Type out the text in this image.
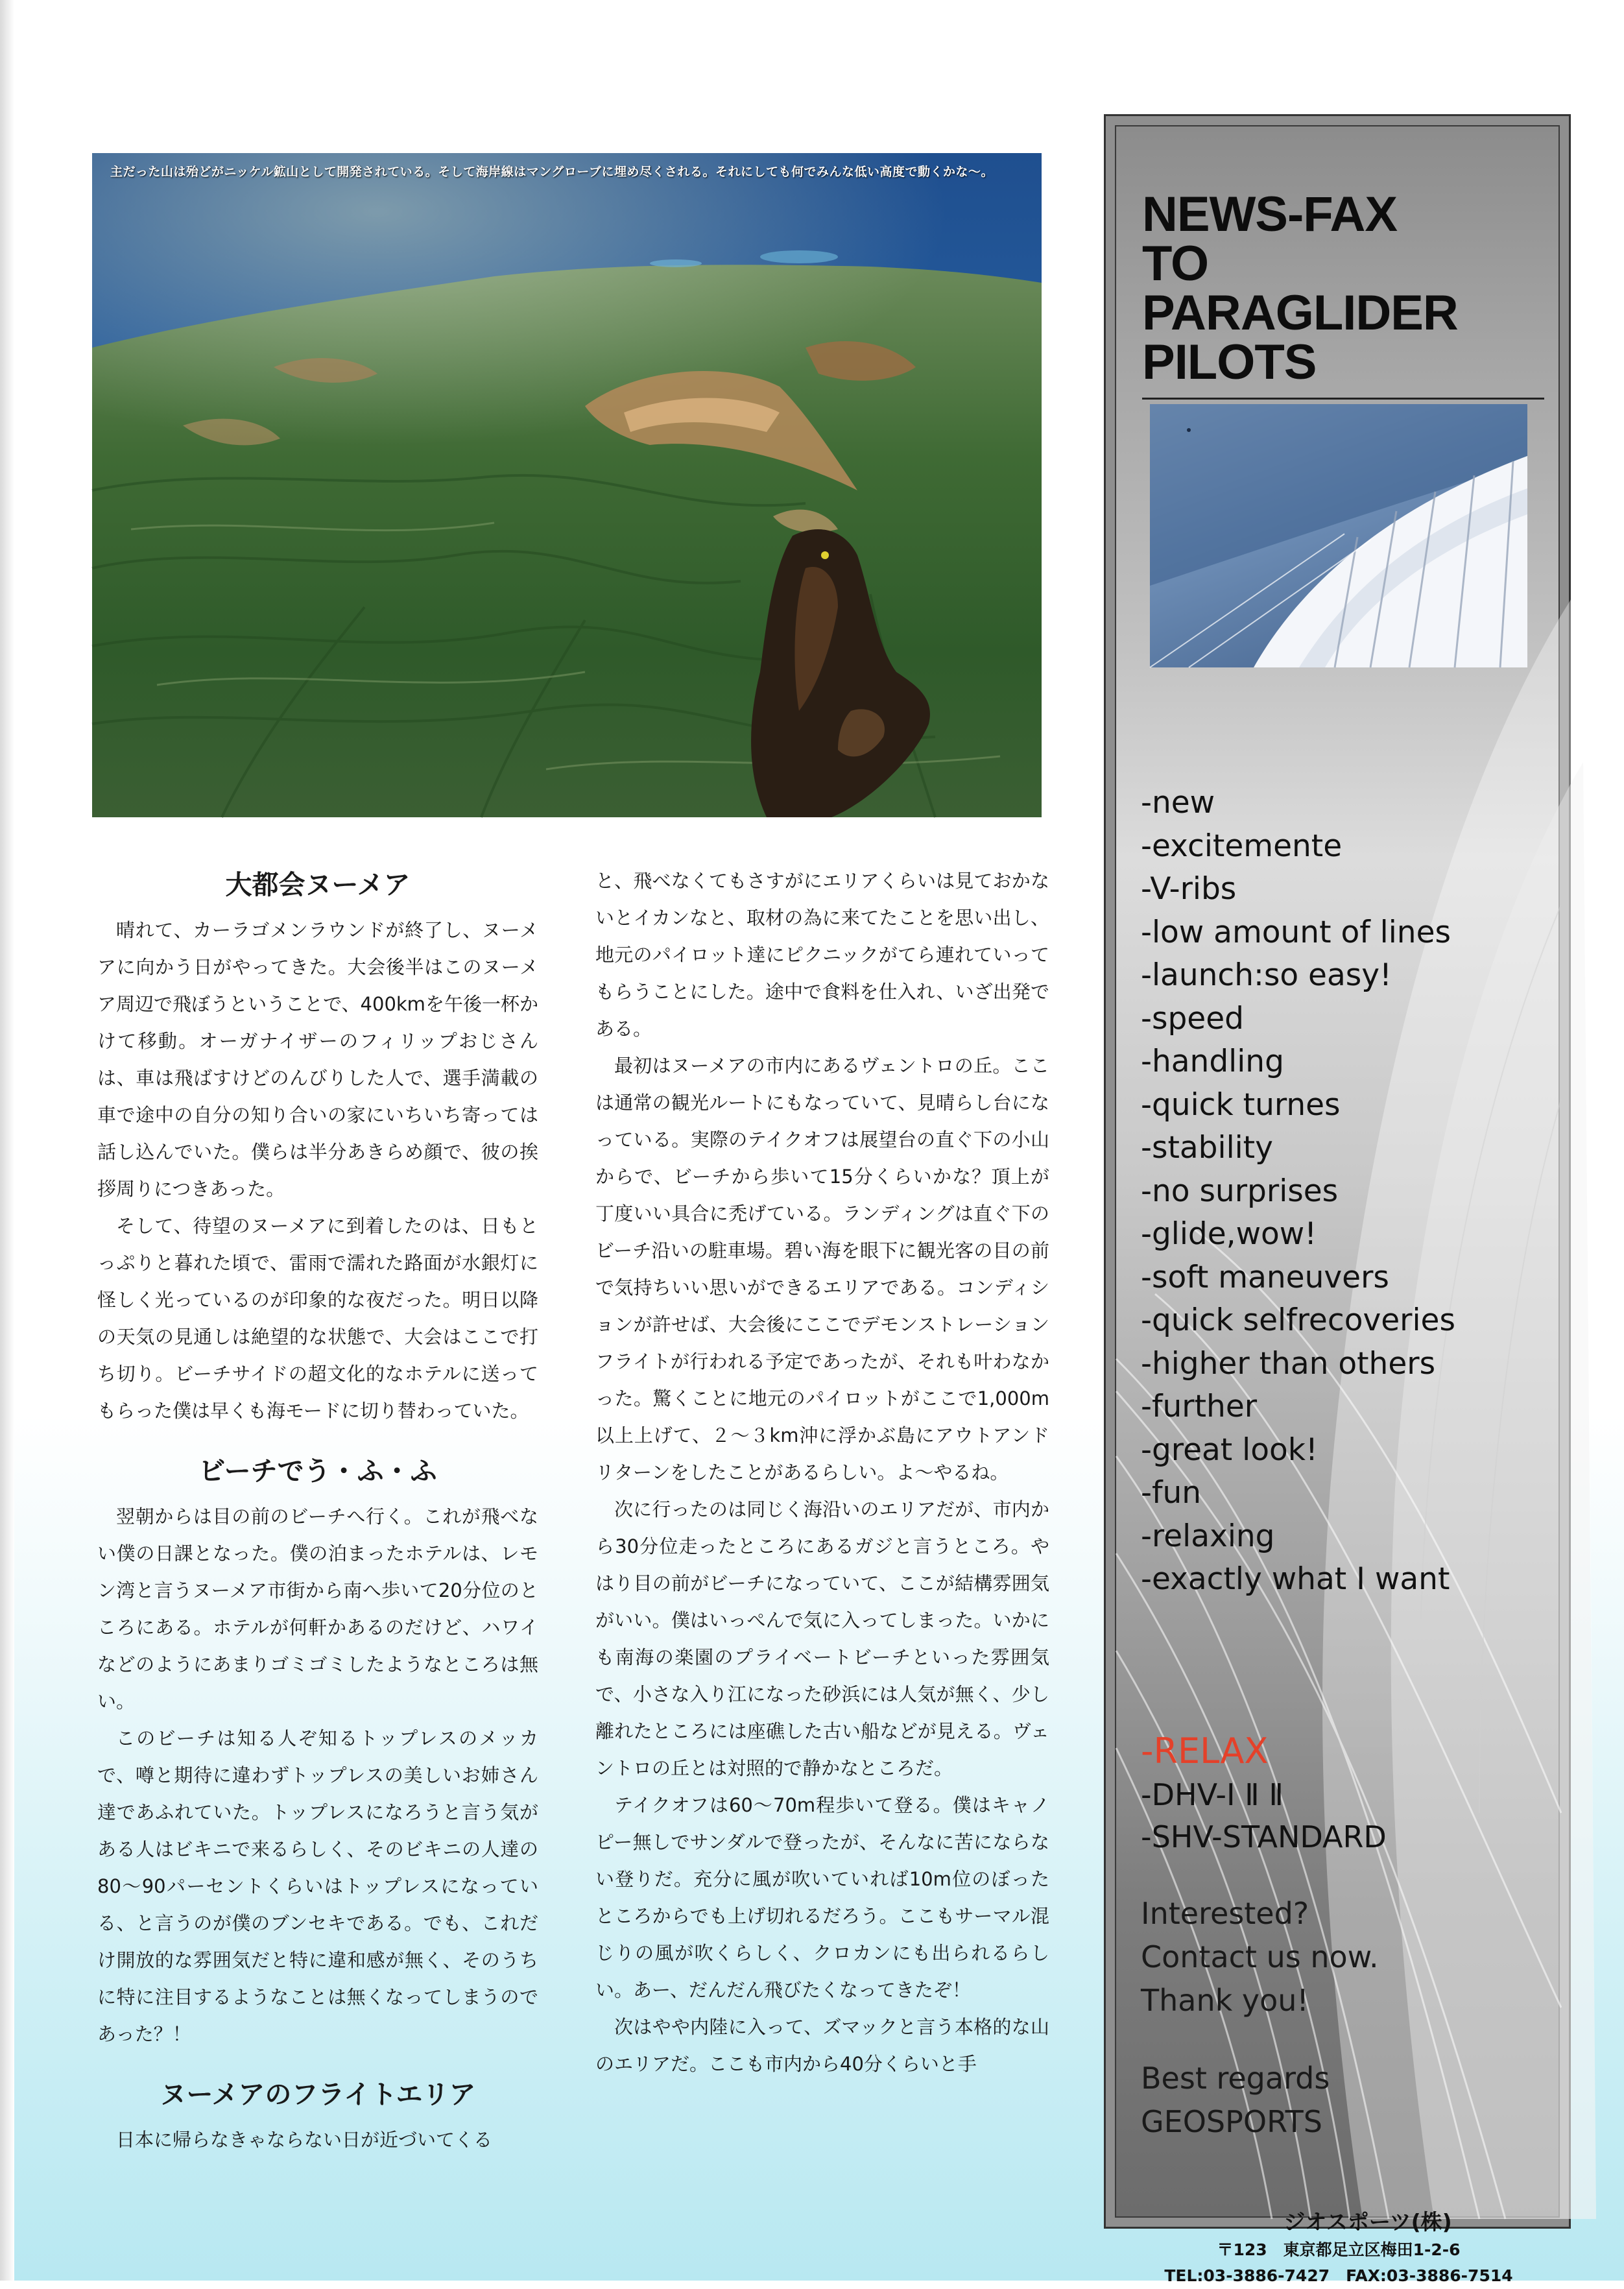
主だった山は殆どがニッケル鉱山として開発されている。そして海岸線はマングローブに埋め尽くされる。それにしても何でみんな低い高度で動くかな〜。
大都会ヌーメア

晴れて、カーラゴメンラウンドが終了し、ヌーメアに向かう日がやってきた。大会後半はこのヌーメア周辺で飛ぼうということで、400kmを午後一杯かけて移動。オーガナイザーのフィリップおじさんは、車は飛ばすけどのんびりした人で、選手満載の車で途中の自分の知り合いの家にいちいち寄っては話し込んでいた。僕らは半分あきらめ顔で、彼の挨拶周りにつきあった。

そして、待望のヌーメアに到着したのは、日もとっぷりと暮れた頃で、雷雨で濡れた路面が水銀灯に怪しく光っているのが印象的な夜だった。明日以降の天気の見通しは絶望的な状態で、大会はここで打ち切り。ビーチサイドの超文化的なホテルに送ってもらった僕は早くも海モードに切り替わっていた。

ビーチでう・ふ・ふ

翌朝からは目の前のビーチへ行く。これが飛べない僕の日課となった。僕の泊まったホテルは、レモン湾と言うヌーメア市街から南へ歩いて20分位のところにある。ホテルが何軒かあるのだけど、ハワイなどのようにあまりゴミゴミしたようなところは無い。

このビーチは知る人ぞ知るトップレスのメッカで、噂と期待に違わずトップレスの美しいお姉さん達であふれていた。トップレスになろうと言う気がある人はビキニで来るらしく、そのビキニの人達の80〜90パーセントくらいはトップレスになっている、と言うのが僕のブンセキである。でも、これだけ開放的な雰囲気だと特に違和感が無く、そのうちに特に注目するようなことは無くなってしまうのであった？！

ヌーメアのフライトエリア

日本に帰らなきゃならない日が近づいてくる

と、飛べなくてもさすがにエリアくらいは見ておかないとイカンなと、取材の為に来てたことを思い出し、地元のパイロット達にピクニックがてら連れていってもらうことにした。途中で食料を仕入れ、いざ出発である。

最初はヌーメアの市内にあるヴェントロの丘。ここは通常の観光ルートにもなっていて、見晴らし台になっている。実際のテイクオフは展望台の直ぐ下の小山からで、ビーチから歩いて15分くらいかな？頂上が丁度いい具合に禿げている。ランディングは直ぐ下のビーチ沿いの駐車場。碧い海を眼下に観光客の目の前で気持ちいい思いができるエリアである。コンディションが許せば、大会後にここでデモンストレーションフライトが行われる予定であったが、それも叶わなかった。驚くことに地元のパイロットがここで1,000m以上上げて、２〜３km沖に浮かぶ島にアウトアンドリターンをしたことがあるらしい。よ〜やるね。

次に行ったのは同じく海沿いのエリアだが、市内から30分位走ったところにあるガジと言うところ。やはり目の前がビーチになっていて、ここが結構雰囲気がいい。僕はいっぺんで気に入ってしまった。いかにも南海の楽園のプライベートビーチといった雰囲気で、小さな入り江になった砂浜には人気が無く、少し離れたところには座礁した古い船などが見える。ヴェントロの丘とは対照的で静かなところだ。

テイクオフは60〜70m程歩いて登る。僕はキャノピー無しでサンダルで登ったが、そんなに苦にならない登りだ。充分に風が吹いていれば10m位のぼったところからでも上げ切れるだろう。ここもサーマル混じりの風が吹くらしく、クロカンにも出られるらしい。あー、だんだん飛びたくなってきたぞ！

次はやや内陸に入って、ズマックと言う本格的な山のエリアだ。ここも市内から40分くらいと手

NEWS-FAX
TO
PARAGLIDER
PILOTS
-new
-excitemente
-V-ribs
-low amount of lines
-launch:so easy!
-speed
-handling
-quick turnes
-stability
-no surprises
-glide,wow!
-soft maneuvers
-quick selfrecoveries
-higher than others
-further
-great look!
-fun
-relaxing
-exactly what I want
-RELAX
-DHV-Ⅰ Ⅱ Ⅱ
-SHV-STANDARD
Interested?
Contact us now.
Thank you!
Best regards
GEOSPORTS
ジオスポーツ(株)
〒123　東京都足立区梅田1-2-6
TEL:03-3886-7427　FAX:03-3886-7514
